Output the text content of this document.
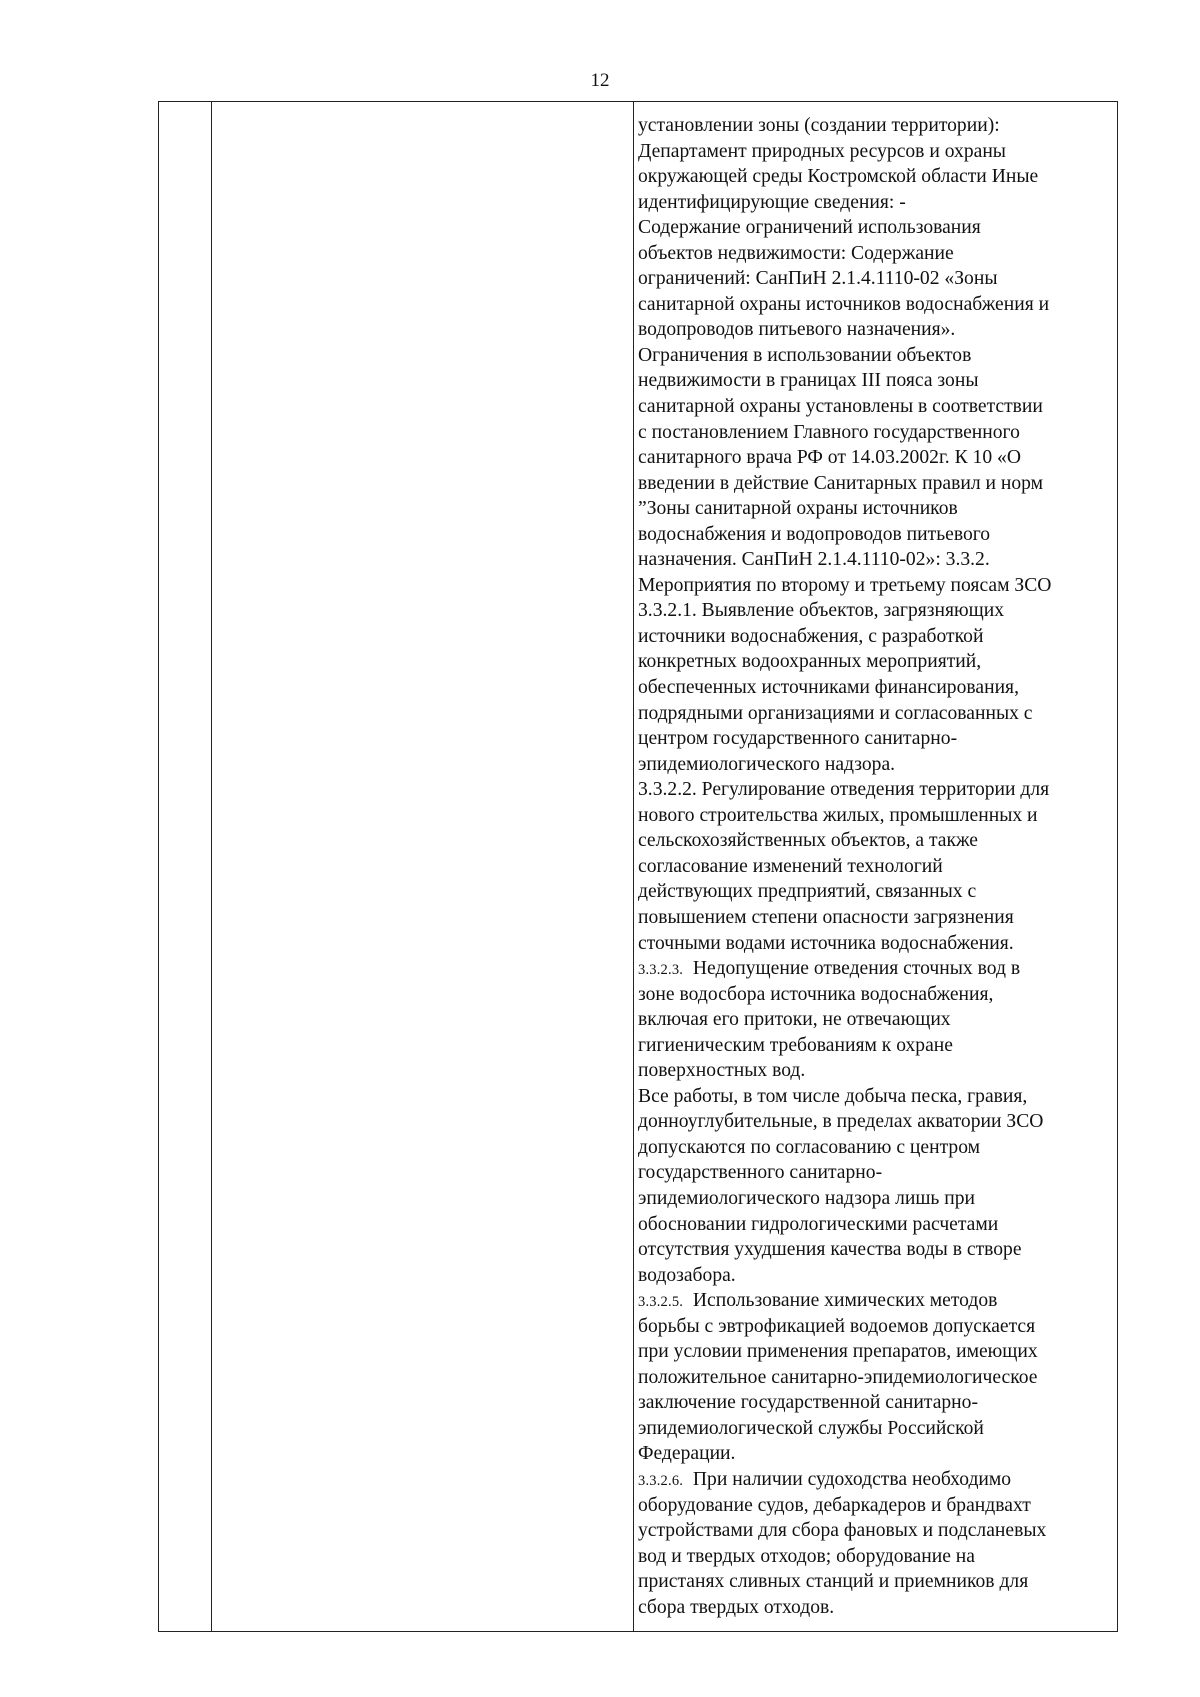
12
установлении зоны (создании территории):
Департамент природных ресурсов и охраны
окружающей среды Костромской области Иные
идентифицирующие сведения: -
Содержание ограничений использования
объектов недвижимости: Содержание
ограничений: СанПиН 2.1.4.1110-02 «Зоны
санитарной охраны источников водоснабжения и
водопроводов питьевого назначения».
Ограничения в использовании объектов
недвижимости в границах III пояса зоны
санитарной охраны установлены в соответствии
с постановлением Главного государственного
санитарного врача РФ от 14.03.2002г. К 10 «О
введении в действие Санитарных правил и норм
”Зоны санитарной охраны источников
водоснабжения и водопроводов питьевого
назначения. СанПиН 2.1.4.1110-02»: 3.3.2.
Мероприятия по второму и третьему поясам ЗСО
3.3.2.1. Выявление объектов, загрязняющих
источники водоснабжения, с разработкой
конкретных водоохранных мероприятий,
обеспеченных источниками финансирования,
подрядными организациями и согласованных с
центром государственного санитарно-
эпидемиологического надзора.
3.3.2.2. Регулирование отведения территории для
нового строительства жилых, промышленных и
сельскохозяйственных объектов, а также
согласование изменений технологий
действующих предприятий, связанных с
повышением степени опасности загрязнения
сточными водами источника водоснабжения.
3.3.2.3. Недопущение отведения сточных вод в
зоне водосбора источника водоснабжения,
включая его притоки, не отвечающих
гигиеническим требованиям к охране
поверхностных вод.
Все работы, в том числе добыча песка, гравия,
донноуглубительные, в пределах акватории ЗСО
допускаются по согласованию с центром
государственного санитарно-
эпидемиологического надзора лишь при
обосновании гидрологическими расчетами
отсутствия ухудшения качества воды в створе
водозабора.
3.3.2.5. Использование химических методов
борьбы с эвтрофикацией водоемов допускается
при условии применения препаратов, имеющих
положительное санитарно-эпидемиологическое
заключение государственной санитарно-
эпидемиологической службы Российской
Федерации.
3.3.2.6. При наличии судоходства необходимо
оборудование судов, дебаркадеров и брандвахт
устройствами для сбора фановых и подсланевых
вод и твердых отходов; оборудование на
пристанях сливных станций и приемников для
сбора твердых отходов.
